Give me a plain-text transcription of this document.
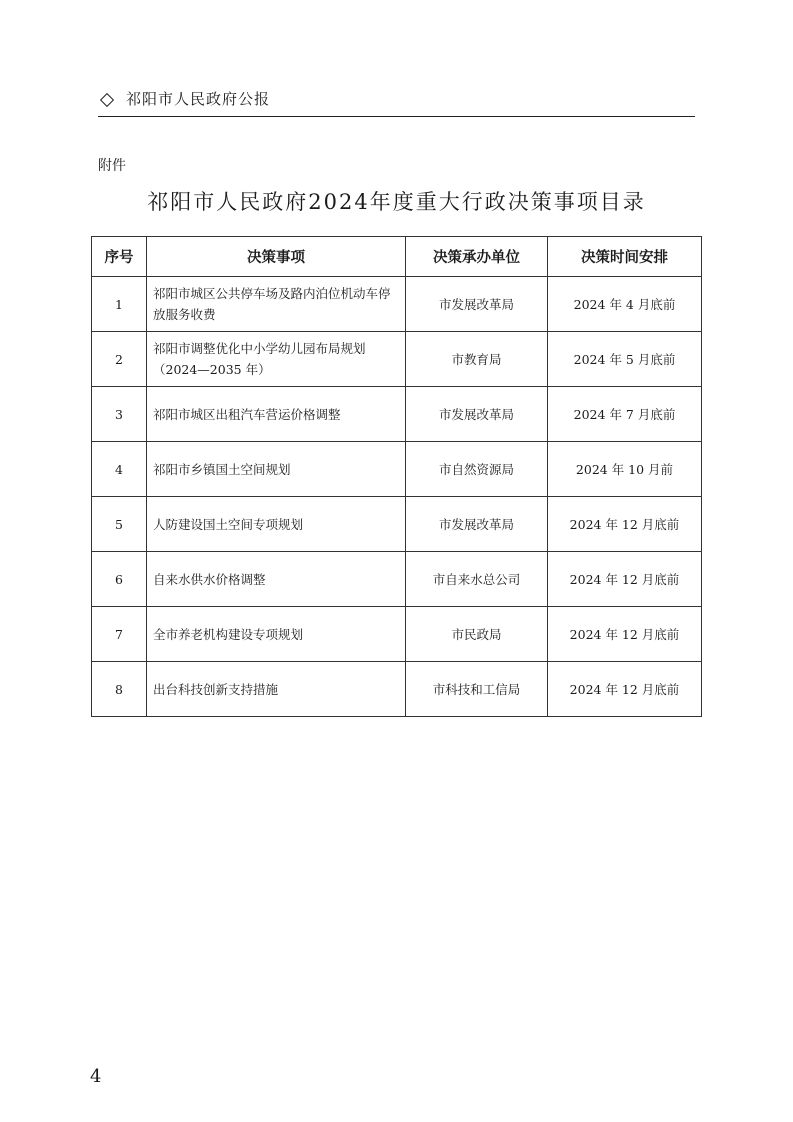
祁阳市人民政府公报
附件
祁阳市人民政府2024年度重大行政决策事项目录
序号	决策事项	决策承办单位	决策时间安排
1	祁阳市城区公共停车场及路内泊位机动车停放服务收费	市发展改革局	2024 年 4 月底前
2	祁阳市调整优化中小学幼儿园布局规划（2024—2035 年）	市教育局	2024 年 5 月底前
3	祁阳市城区出租汽车营运价格调整	市发展改革局	2024 年 7 月底前
4	祁阳市乡镇国土空间规划	市自然资源局	2024 年 10 月前
5	人防建设国土空间专项规划	市发展改革局	2024 年 12 月底前
6	自来水供水价格调整	市自来水总公司	2024 年 12 月底前
7	全市养老机构建设专项规划	市民政局	2024 年 12 月底前
8	出台科技创新支持措施	市科技和工信局	2024 年 12 月底前
4
